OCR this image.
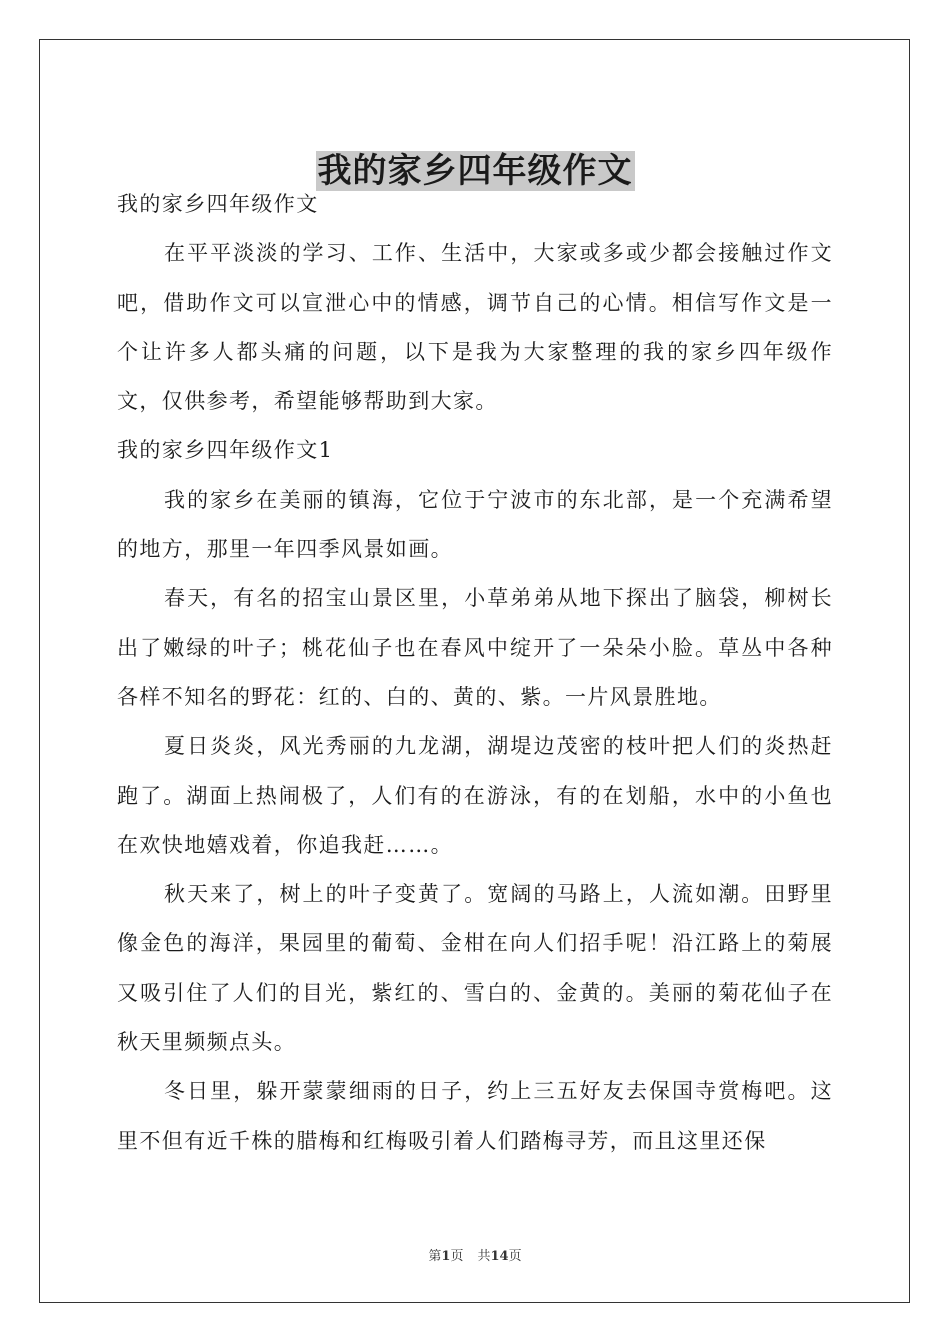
我的家乡四年级作文

我的家乡四年级作文

在平平淡淡的学习、工作、生活中，大家或多或少都会接触过作文吧，借助作文可以宣泄心中的情感，调节自己的心情。相信写作文是一个让许多人都头痛的问题，以下是我为大家整理的我的家乡四年级作文，仅供参考，希望能够帮助到大家。

我的家乡四年级作文1

我的家乡在美丽的镇海，它位于宁波市的东北部，是一个充满希望的地方，那里一年四季风景如画。

春天，有名的招宝山景区里，小草弟弟从地下探出了脑袋，柳树长出了嫩绿的叶子；桃花仙子也在春风中绽开了一朵朵小脸。草丛中各种各样不知名的野花：红的、白的、黄的、紫。一片风景胜地。

夏日炎炎，风光秀丽的九龙湖，湖堤边茂密的枝叶把人们的炎热赶跑了。湖面上热闹极了，人们有的在游泳，有的在划船，水中的小鱼也在欢快地嬉戏着，你追我赶……。

秋天来了，树上的叶子变黄了。宽阔的马路上，人流如潮。田野里像金色的海洋，果园里的葡萄、金柑在向人们招手呢！沿江路上的菊展又吸引住了人们的目光，紫红的、雪白的、金黄的。美丽的菊花仙子在秋天里频频点头。

冬日里，躲开蒙蒙细雨的日子，约上三五好友去保国寺赏梅吧。这里不但有近千株的腊梅和红梅吸引着人们踏梅寻芳，而且这里还保

第1页 共14页
